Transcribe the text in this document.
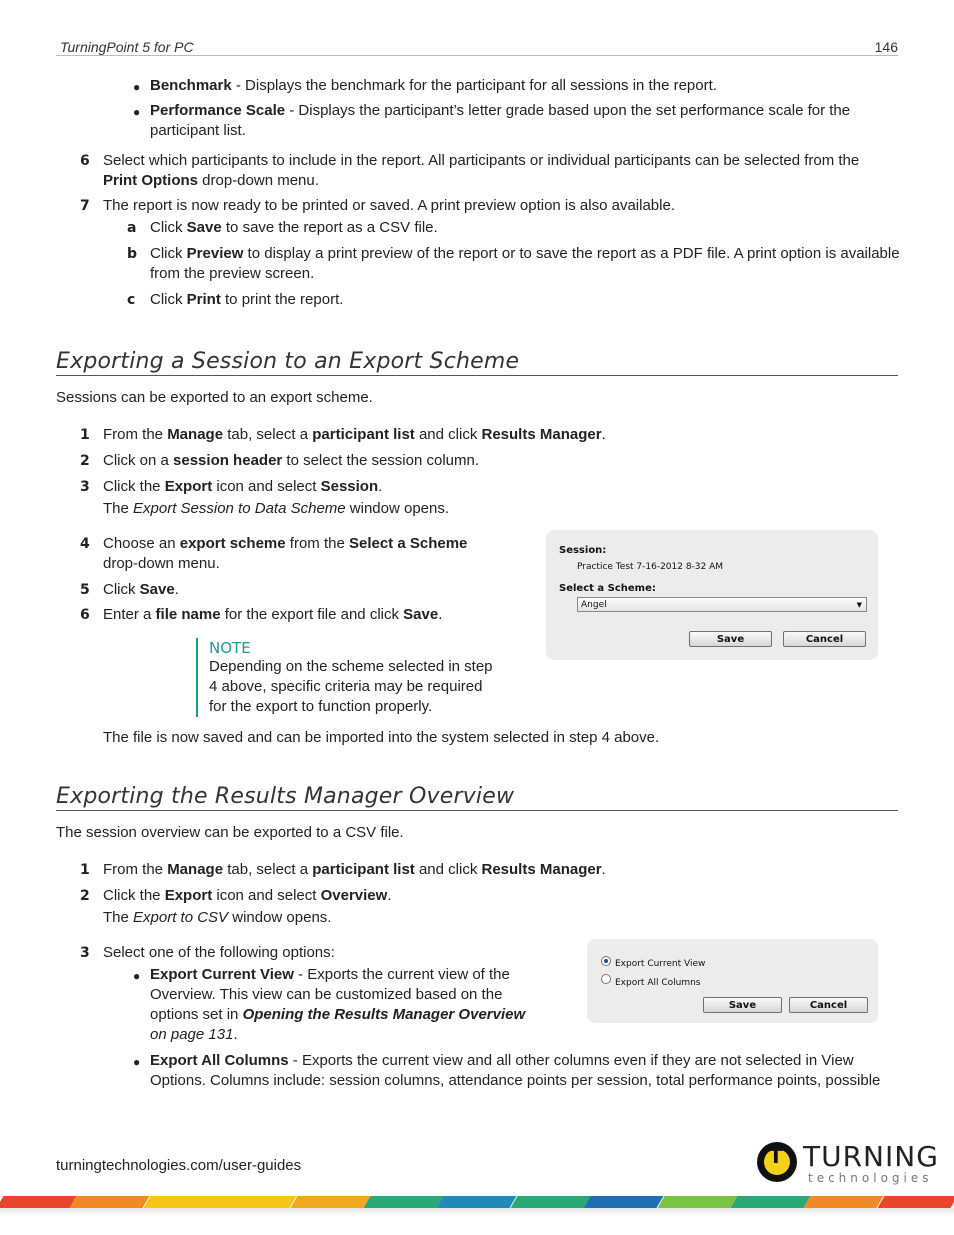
TurningPoint 5 for PC	146
● Benchmark - Displays the benchmark for the participant for all sessions in the report.
● Performance Scale - Displays the participant’s letter grade based upon the set performance scale for the participant list.
6 Select which participants to include in the report. All participants or individual participants can be selected from the Print Options drop-down menu.
7 The report is now ready to be printed or saved. A print preview option is also available.
a Click Save to save the report as a CSV file.
b Click Preview to display a print preview of the report or to save the report as a PDF file. A print option is available from the preview screen.
c Click Print to print the report.
Exporting a Session to an Export Scheme
Sessions can be exported to an export scheme.
1 From the Manage tab, select a participant list and click Results Manager.
2 Click on a session header to select the session column.
3 Click the Export icon and select Session.
The Export Session to Data Scheme window opens.
4 Choose an export scheme from the Select a Scheme drop-down menu.
5 Click Save.
6 Enter a file name for the export file and click Save.
NOTE
Depending on the scheme selected in step 4 above, specific criteria may be required for the export to function properly.
The file is now saved and can be imported into the system selected in step 4 above.
Session:
Practice Test 7-16-2012 8-32 AM
Select a Scheme:
Angel	▼
Save	Cancel
Exporting the Results Manager Overview
The session overview can be exported to a CSV file.
1 From the Manage tab, select a participant list and click Results Manager.
2 Click the Export icon and select Overview.
The Export to CSV window opens.
3 Select one of the following options:
● Export Current View - Exports the current view of the Overview. This view can be customized based on the options set in Opening the Results Manager Overview on page 131.
● Export All Columns - Exports the current view and all other columns even if they are not selected in View Options. Columns include: session columns, attendance points per session, total performance points, possible
Export Current View
Export All Columns
Save	Cancel
turningtechnologies.com/user-guides	T TURNING
technologies
